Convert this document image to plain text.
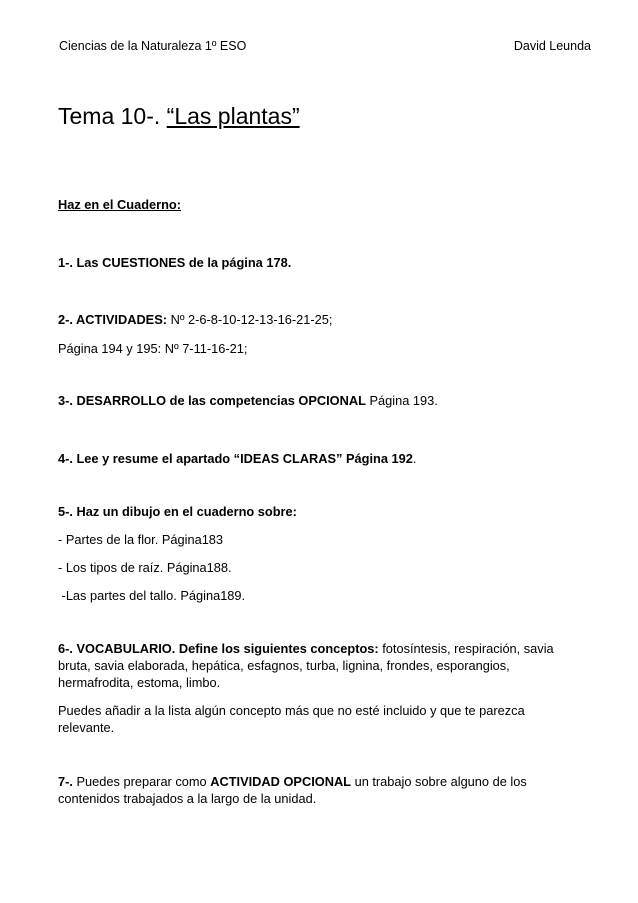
Ciencias de la Naturaleza 1º ESO	David Leunda
Tema 10-. “Las plantas”
Haz en el Cuaderno:
1-. Las CUESTIONES de la página 178.
2-. ACTIVIDADES: Nº 2-6-8-10-12-13-16-21-25;
Página 194 y 195: Nº 7-11-16-21;
3-. DESARROLLO de las competencias OPCIONAL Página 193.
4-. Lee y resume el apartado “IDEAS CLARAS” Página 192.
5-. Haz un dibujo en el cuaderno sobre:
- Partes de la flor. Página183
- Los tipos de raíz. Página188.
-Las partes del tallo. Página189.
6-. VOCABULARIO. Define los siguientes conceptos: fotosíntesis, respiración, savia bruta, savia elaborada, hepática, esfagnos, turba, lignina, frondes, esporangios, hermafrodita, estoma, limbo.
Puedes añadir a la lista algún concepto más que no esté incluido y que te parezca relevante.
7-. Puedes preparar como ACTIVIDAD OPCIONAL un trabajo sobre alguno de los contenidos trabajados a la largo de la unidad.
